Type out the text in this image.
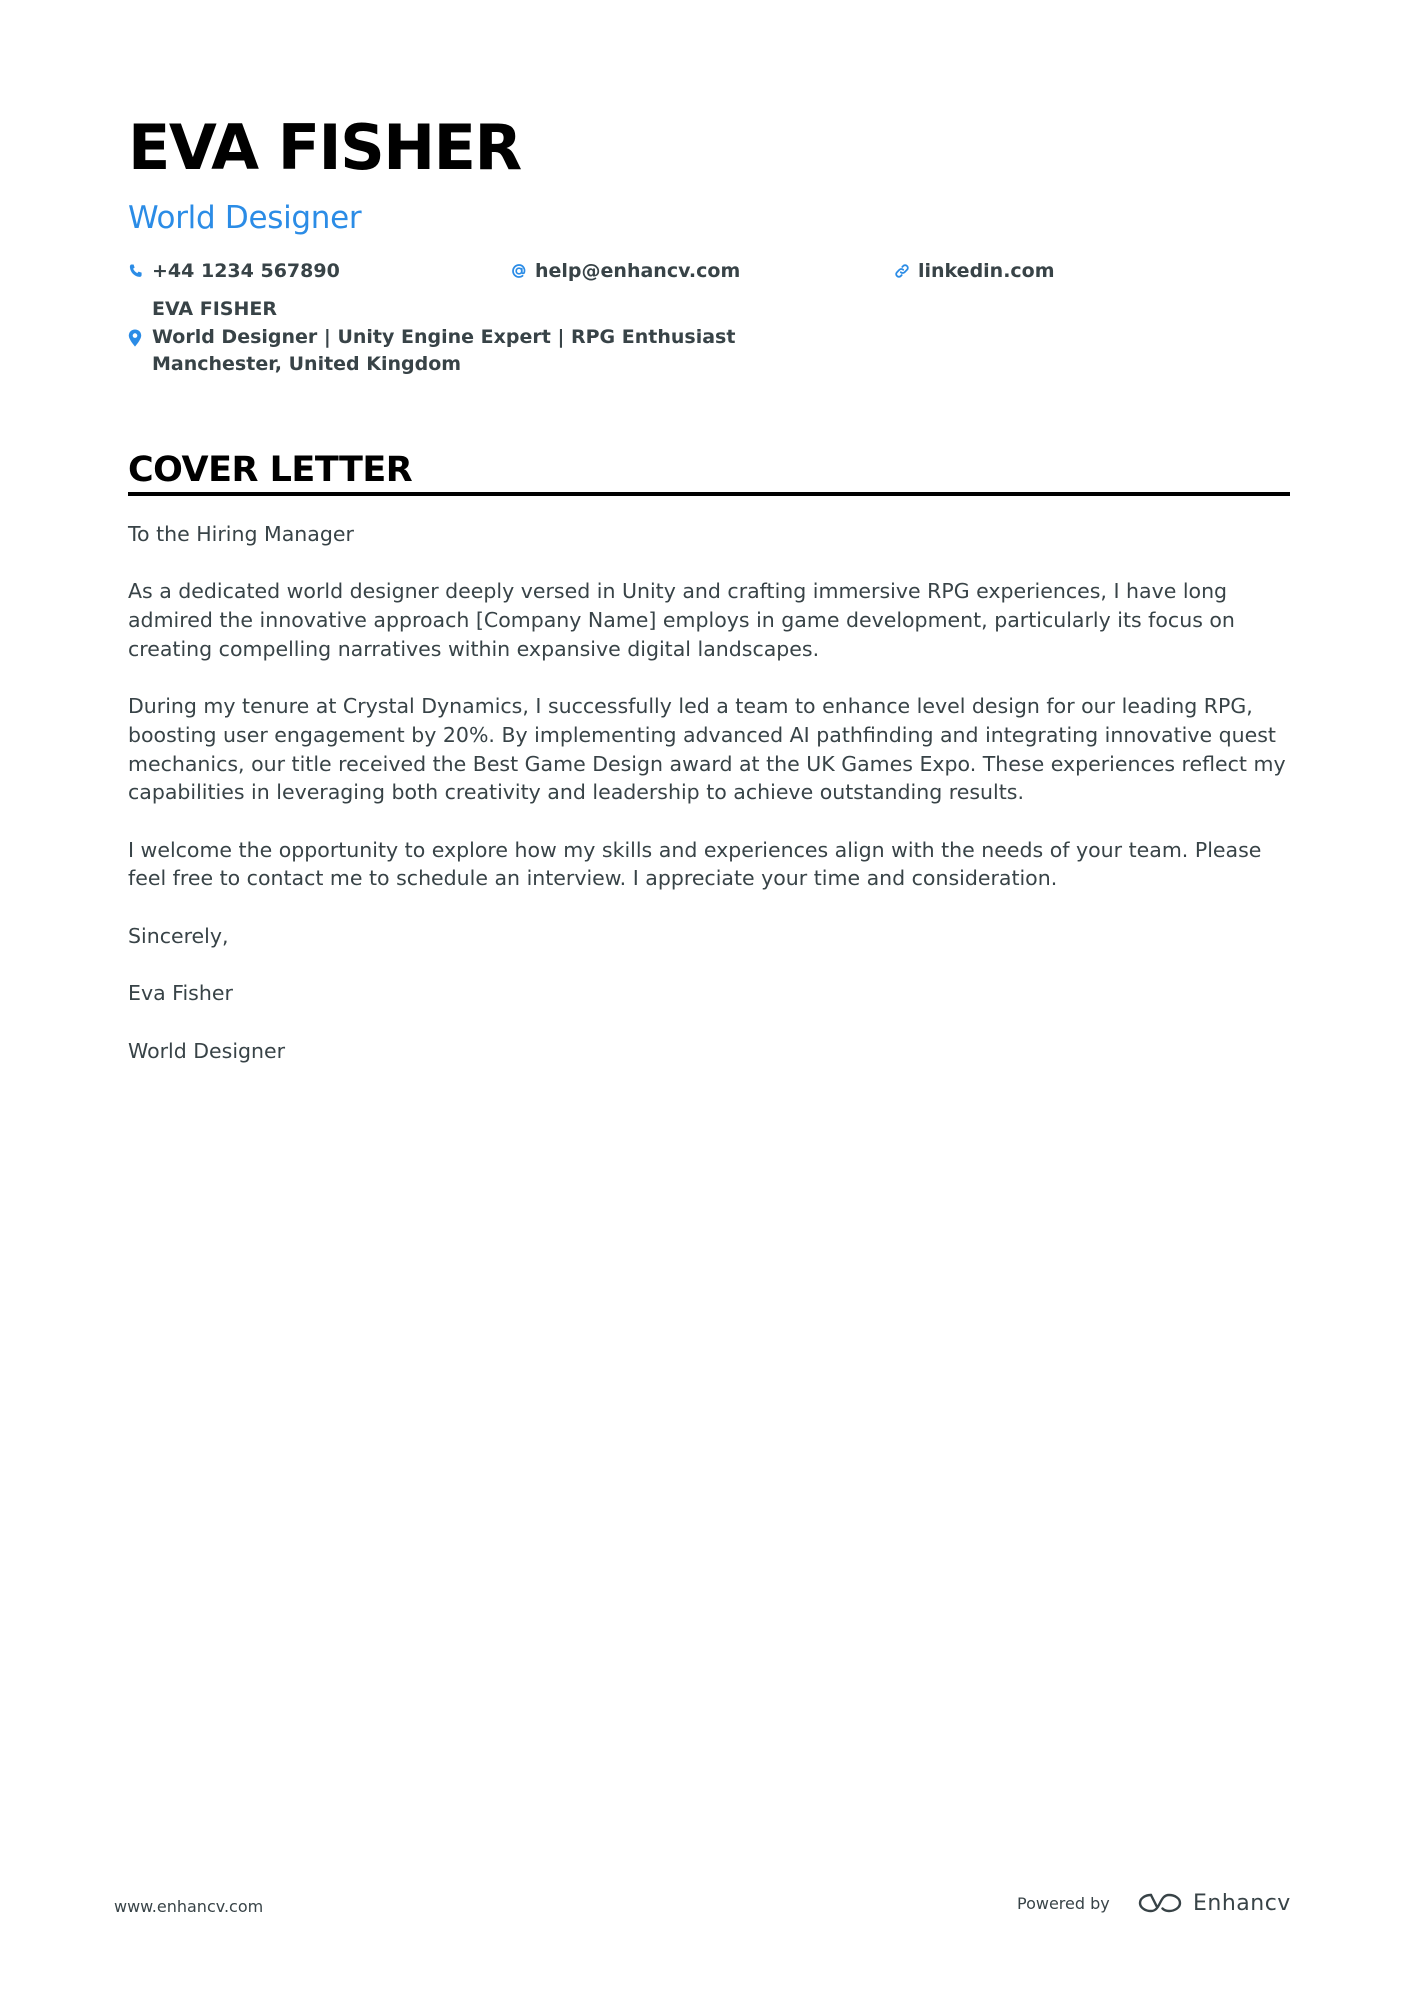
EVA FISHER
World Designer
+44 1234 567890	help@enhancv.com	linkedin.com
EVA FISHER
World Designer | Unity Engine Expert | RPG Enthusiast
Manchester, United Kingdom
COVER LETTER

To the Hiring Manager

As a dedicated world designer deeply versed in Unity and crafting immersive RPG experiences, I have long admired the innovative approach [Company Name] employs in game development, particularly its focus on creating compelling narratives within expansive digital landscapes.

During my tenure at Crystal Dynamics, I successfully led a team to enhance level design for our leading RPG, boosting user engagement by 20%. By implementing advanced AI pathfinding and integrating innovative quest mechanics, our title received the Best Game Design award at the UK Games Expo. These experiences reflect my capabilities in leveraging both creativity and leadership to achieve outstanding results.

I welcome the opportunity to explore how my skills and experiences align with the needs of your team. Please feel free to contact me to schedule an interview. I appreciate your time and consideration.

Sincerely,

Eva Fisher

World Designer

www.enhancv.com	Powered by	Enhancv
